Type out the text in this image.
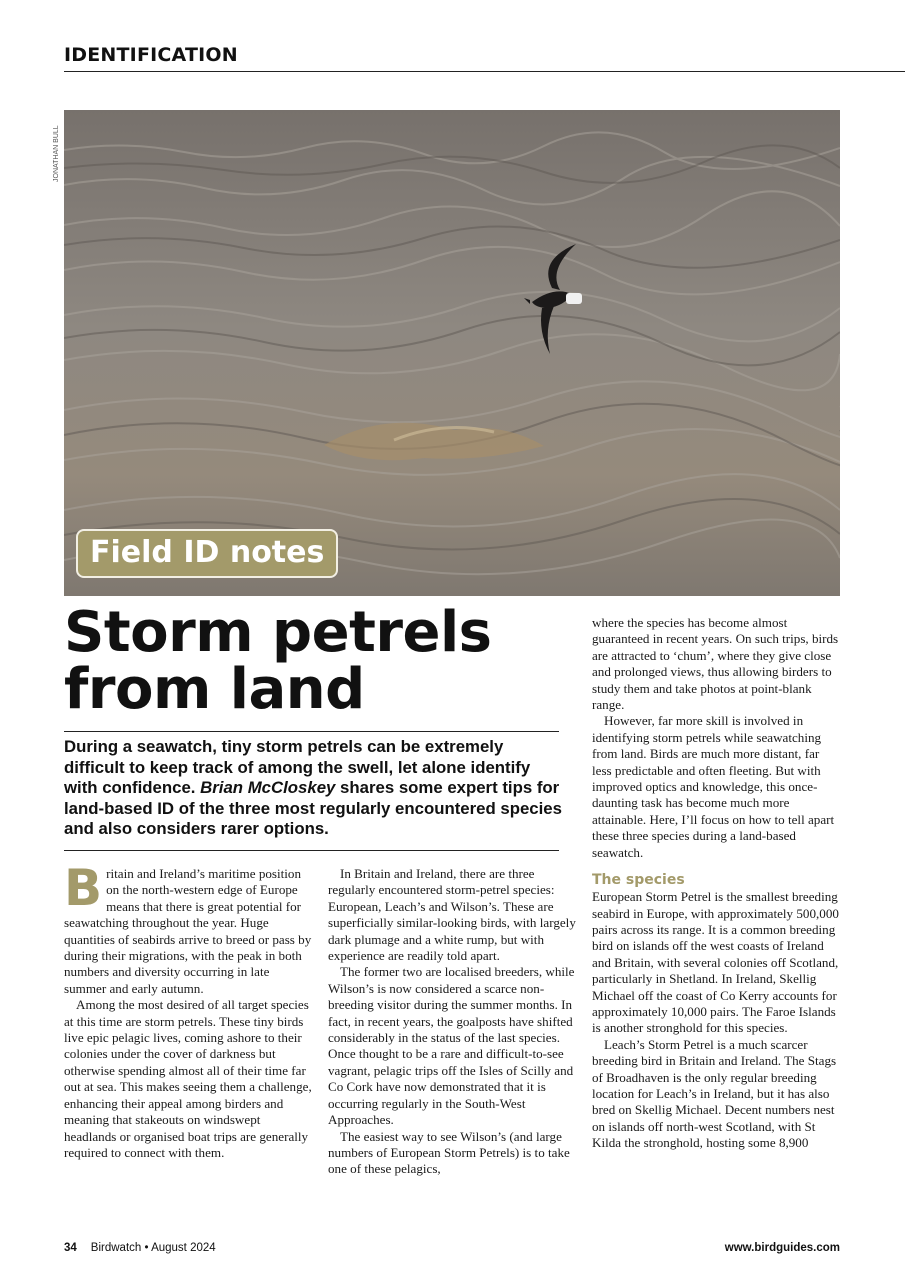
IDENTIFICATION
JONATHAN BULL
Field ID notes
Storm petrels from land
During a seawatch, tiny storm petrels can be extremely difficult to keep track of among the swell, let alone identify with confidence. Brian McCloskey shares some expert tips for land-based ID of the three most regularly encountered species and also considers rarer options.

Britain and Ireland’s maritime position on the north-western edge of Europe means that there is great potential for seawatching throughout the year. Huge quantities of seabirds arrive to breed or pass by during their migrations, with the peak in both numbers and diversity occurring in late summer and early autumn.

Among the most desired of all target species at this time are storm petrels. These tiny birds live epic pelagic lives, coming ashore to their colonies under the cover of darkness but otherwise spending almost all of their time far out at sea. This makes seeing them a challenge, enhancing their appeal among birders and meaning that stakeouts on windswept headlands or organised boat trips are generally required to connect with them.

In Britain and Ireland, there are three regularly encountered storm-petrel species: European, Leach’s and Wilson’s. These are superficially similar-looking birds, with largely dark plumage and a white rump, but with experience are readily told apart.

The former two are localised breeders, while Wilson’s is now considered a scarce non-breeding visitor during the summer months. In fact, in recent years, the goalposts have shifted considerably in the status of the last species. Once thought to be a rare and difficult-to-see vagrant, pelagic trips off the Isles of Scilly and Co Cork have now demonstrated that it is occurring regularly in the South-West Approaches.

The easiest way to see Wilson’s (and large numbers of European Storm Petrels) is to take one of these pelagics,

where the species has become almost guaranteed in recent years. On such trips, birds are attracted to ‘chum’, where they give close and prolonged views, thus allowing birders to study them and take photos at point-blank range.

However, far more skill is involved in identifying storm petrels while seawatching from land. Birds are much more distant, far less predictable and often fleeting. But with improved optics and knowledge, this once-daunting task has become much more attainable. Here, I’ll focus on how to tell apart these three species during a land-based seawatch.

The species

European Storm Petrel is the smallest breeding seabird in Europe, with approximately 500,000 pairs across its range. It is a common breeding bird on islands off the west coasts of Ireland and Britain, with several colonies off Scotland, particularly in Shetland. In Ireland, Skellig Michael off the coast of Co Kerry accounts for approximately 10,000 pairs. The Faroe Islands is another stronghold for this species.

Leach’s Storm Petrel is a much scarcer breeding bird in Britain and Ireland. The Stags of Broadhaven is the only regular breeding location for Leach’s in Ireland, but it has also bred on Skellig Michael. Decent numbers nest on islands off north-west Scotland, with St Kilda the stronghold, hosting some 8,900

34 Birdwatch • August 2024	www.birdguides.com
